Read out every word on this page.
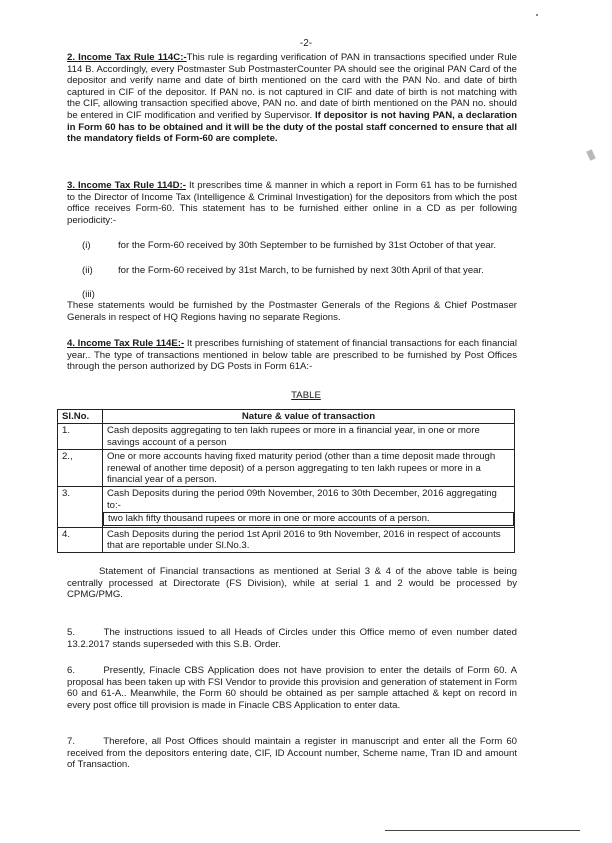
-2-
2. Income Tax Rule 114C:-This rule is regarding verification of PAN in transactions specified under Rule 114 B. Accordingly, every Postmaster Sub PostmasterCounter PA should see the original PAN Card of the depositor and verify name and date of birth mentioned on the card with the PAN No. and date of birth captured in CIF of the depositor. If PAN no. is not captured in CIF and date of birth is not matching with the CIF, allowing transaction specified above, PAN no. and date of birth mentioned on the PAN no. should be entered in CIF modification and verified by Supervisor. If depositor is not having PAN, a declaration in Form 60 has to be obtained and it will be the duty of the postal staff concerned to ensure that all the mandatory fields of Form-60 are complete.
3. Income Tax Rule 114D:- It prescribes time & manner in which a report in Form 61 has to be furnished to the Director of Income Tax (Intelligence & Criminal Investigation) for the depositors from which the post office receives Form-60. This statement has to be furnished either online in a CD as per following periodicity:-
(i)	for the Form-60 received by 30th September to be furnished by 31st October of that year.
(ii)	for the Form-60 received by 31st March, to be furnished by next 30th April of that year.
(iii)
These statements would be furnished by the Postmaster Generals of the Regions & Chief Postmaser Generals in respect of HQ Regions having no separate Regions.
4. Income Tax Rule 114E:- It prescribes furnishing of statement of financial transactions for each financial year.. The type of transactions mentioned in below table are prescribed to be furnished by Post Offices through the person authorized by DG Posts in Form 61A:-
TABLE
Sl.No.	Nature & value of transaction
1.	Cash deposits aggregating to ten lakh rupees or more in a financial year, in one or more savings account of a person
2.,	One or more accounts having fixed maturity period (other than a time deposit made through renewal of another time deposit) of a person aggregating to ten lakh rupees or more in a financial year of a person.
3.	Cash Deposits during the period 09th November, 2016 to 30th December, 2016 aggregating to:-
two lakh fifty thousand rupees or more in one or more accounts of a person.

4.	Cash Deposits during the period 1st April 2016 to 9th November, 2016 in respect of accounts that are reportable under Sl.No.3.
Statement of Financial transactions as mentioned at Serial 3 & 4 of the above table is being centrally processed at Directorate (FS Division), while at serial 1 and 2 would be processed by CPMG/PMG.
5.       The instructions issued to all Heads of Circles under this Office memo of even number dated 13.2.2017 stands superseded with this S.B. Order.
6.       Presently, Finacle CBS Application does not have provision to enter the details of Form 60. A proposal has been taken up with FSI Vendor to provide this provision and generation of statement in Form 60 and 61-A.. Meanwhile, the Form 60 should be obtained as per sample attached & kept on record in every post office till provision is made in Finacle CBS Application to enter data.
7.       Therefore, all Post Offices should maintain a register in manuscript and enter all the Form 60 received from the depositors entering date, CIF, ID Account number, Scheme name, Tran ID and amount of Transaction.
